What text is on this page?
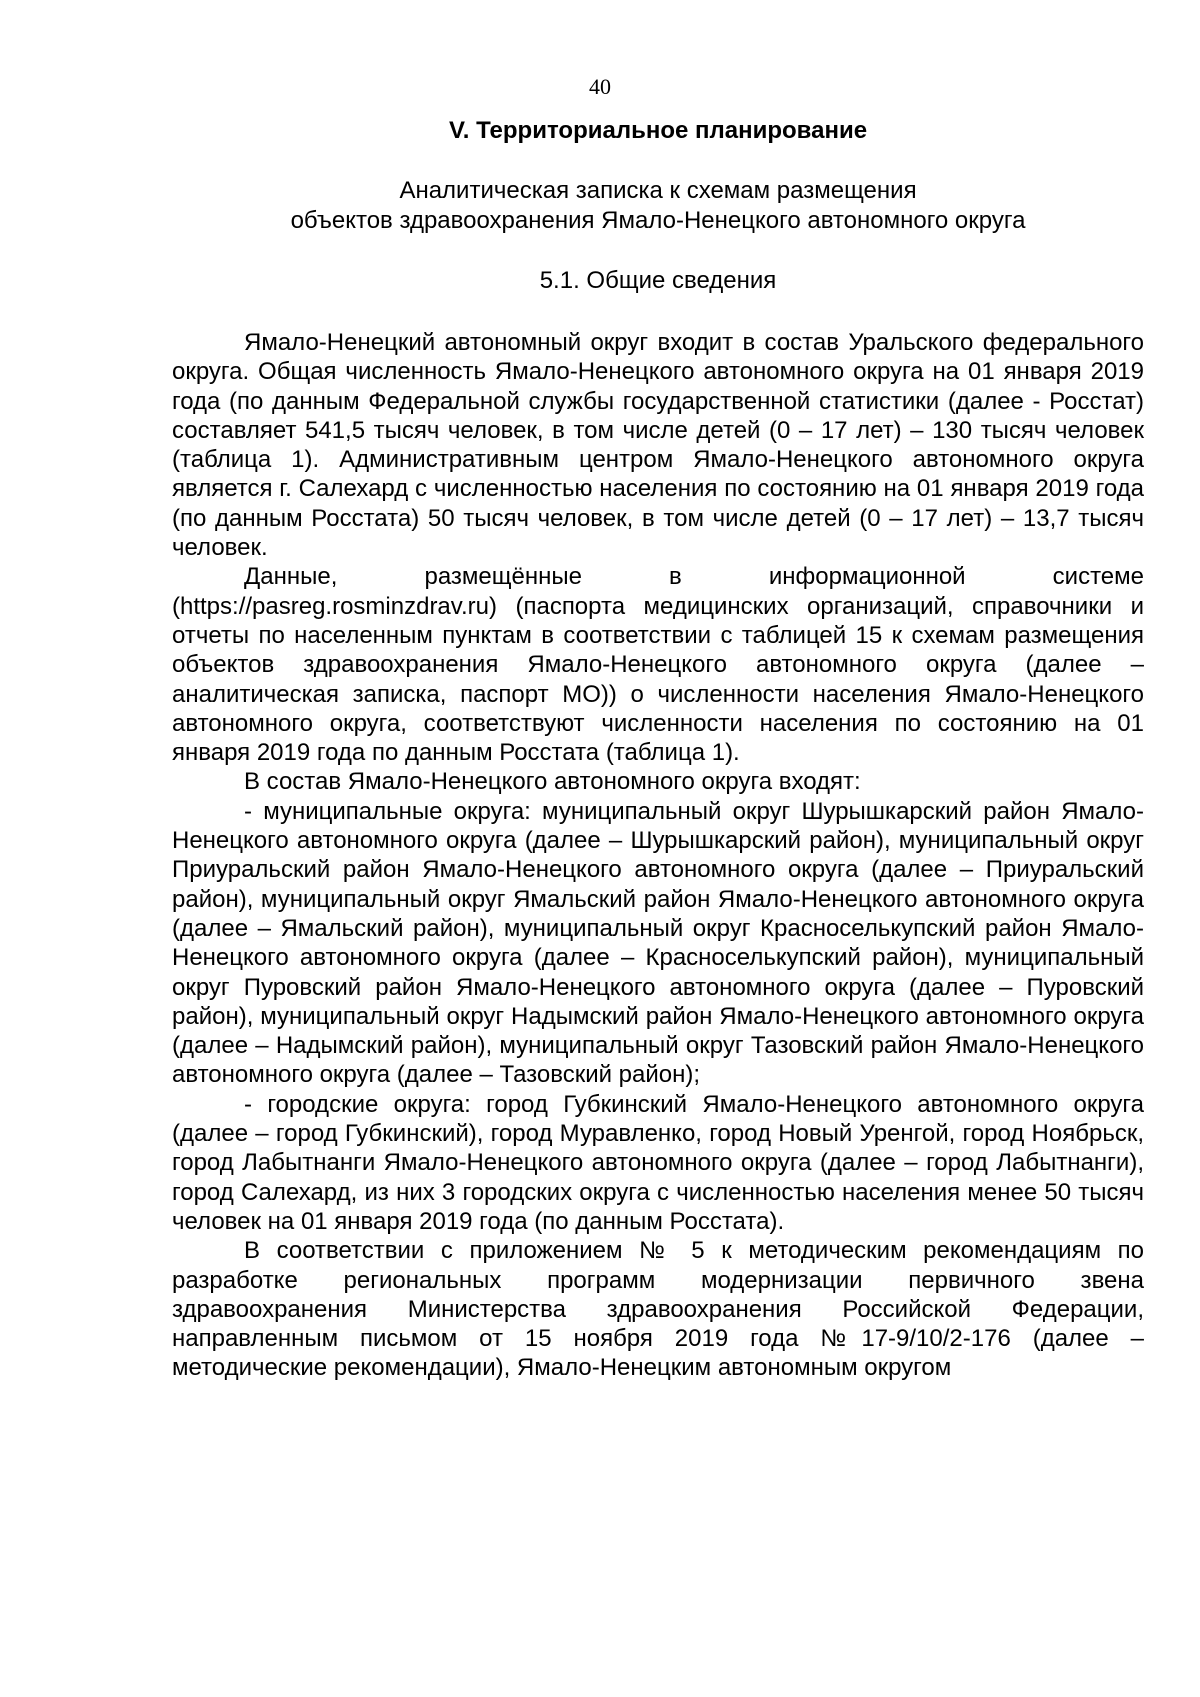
40
V. Территориальное планирование
Аналитическая записка к схемам размещения
объектов здравоохранения Ямало-Ненецкого автономного округа
5.1. Общие сведения

Ямало-Ненецкий автономный округ входит в состав Уральского федерального округа. Общая численность Ямало-Ненецкого автономного округа на 01 января 2019 года (по данным Федеральной службы государственной статистики (далее - Росстат) составляет 541,5 тысяч человек, в том числе детей (0 – 17 лет) – 130 тысяч человек (таблица 1). Административным центром Ямало-Ненецкого автономного округа является г. Салехард с численностью населения по состоянию на 01 января 2019 года (по данным Росстата) 50 тысяч человек, в том числе детей (0 – 17 лет) – 13,7 тысяч человек.

Данные, размещённые в информационной системе (https://pasreg.rosminzdrav.ru) (паспорта медицинских организаций, справочники и отчеты по населенным пунктам в соответствии с таблицей 15 к схемам размещения объектов здравоохранения Ямало-Ненецкого автономного округа (далее – аналитическая записка, паспорт МО)) о численности населения Ямало-Ненецкого автономного округа, соответствуют численности населения по состоянию на 01 января 2019 года по данным Росстата (таблица 1).

В состав Ямало-Ненецкого автономного округа входят:

- муниципальные округа: муниципальный округ Шурышкарский район Ямало-Ненецкого автономного округа (далее – Шурышкарский район), муниципальный округ Приуральский район Ямало-Ненецкого автономного округа (далее – Приуральский район), муниципальный округ Ямальский район Ямало-Ненецкого автономного округа (далее – Ямальский район), муниципальный округ Красноселькупский район Ямало-Ненецкого автономного округа (далее – Красноселькупский район), муниципальный округ Пуровский район Ямало-Ненецкого автономного округа (далее – Пуровский район), муниципальный округ Надымский район Ямало-Ненецкого автономного округа (далее – Надымский район), муниципальный округ Тазовский район Ямало-Ненецкого автономного округа (далее – Тазовский район);

- городские округа: город Губкинский Ямало-Ненецкого автономного округа (далее – город Губкинский), город Муравленко, город Новый Уренгой, город Ноябрьск, город Лабытнанги Ямало-Ненецкого автономного округа (далее – город Лабытнанги), город Салехард, из них 3 городских округа с численностью населения менее 50 тысяч человек на 01 января 2019 года (по данным Росстата).

В соответствии с приложением № 5 к методическим рекомендациям по разработке региональных программ модернизации первичного звена здравоохранения Министерства здравоохранения Российской Федерации, направленным письмом от 15 ноября 2019 года №17-9/10/2-176 (далее – методические рекомендации), Ямало-Ненецким автономным округом
